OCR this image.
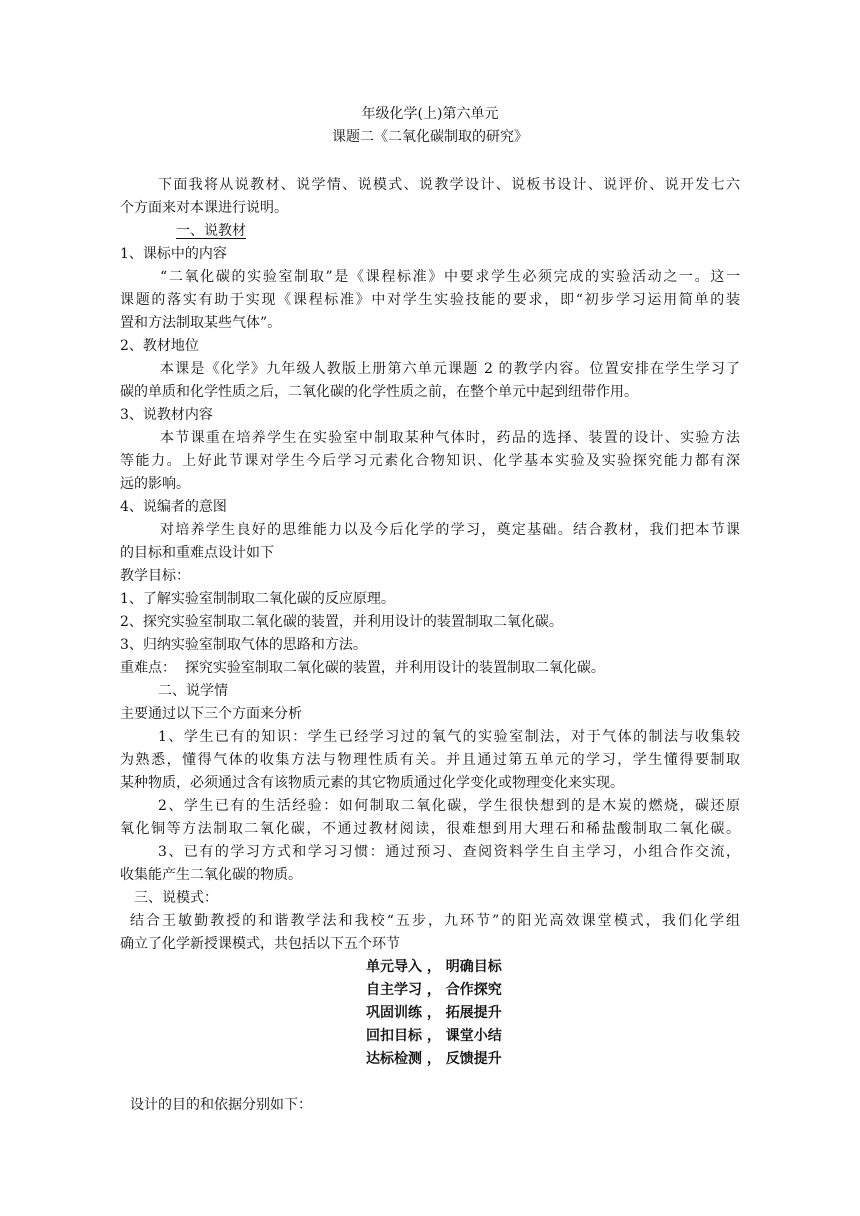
年级化学(上)第六单元
课题二《二氧化碳制取的研究》
下面我将从说教材、说学情、说模式、说教学设计、说板书设计、说评价、说开发七六
个方面来对本课进行说明。
一、说教材
1、课标中的内容
“二氧化碳的实验室制取”是《课程标准》中要求学生必须完成的实验活动之一。这一
课题的落实有助于实现《课程标准》中对学生实验技能的要求，即“初步学习运用简单的装
置和方法制取某些气体”。
2、教材地位
本课是《化学》九年级人教版上册第六单元课题 2 的教学内容。位置安排在学生学习了
碳的单质和化学性质之后，二氧化碳的化学性质之前，在整个单元中起到纽带作用。
3、说教材内容
本节课重在培养学生在实验室中制取某种气体时，药品的选择、装置的设计、实验方法
等能力。上好此节课对学生今后学习元素化合物知识、化学基本实验及实验探究能力都有深
远的影响。
4、说编者的意图
对培养学生良好的思维能力以及今后化学的学习，奠定基础。结合教材，我们把本节课
的目标和重难点设计如下
教学目标：
1、了解实验室制制取二氧化碳的反应原理。
2、探究实验室制取二氧化碳的装置，并利用设计的装置制取二氧化碳。
3、归纳实验室制取气体的思路和方法。
重难点：  探究实验室制取二氧化碳的装置，并利用设计的装置制取二氧化碳。
二、说学情
主要通过以下三个方面来分析
1、学生已有的知识：学生已经学习过的氧气的实验室制法，对于气体的制法与收集较
为熟悉，懂得气体的收集方法与物理性质有关。并且通过第五单元的学习，学生懂得要制取
某种物质，必须通过含有该物质元素的其它物质通过化学变化或物理变化来实现。
2、学生已有的生活经验：如何制取二氧化碳，学生很快想到的是木炭的燃烧，碳还原
氧化铜等方法制取二氧化碳，不通过教材阅读，很难想到用大理石和稀盐酸制取二氧化碳。
3、已有的学习方式和学习习惯：通过预习、查阅资料学生自主学习，小组合作交流，
收集能产生二氧化碳的物质。
三、说模式：
结合王敏勤教授的和谐教学法和我校“五步，九环节”的阳光高效课堂模式，我们化学组
确立了化学新授课模式，共包括以下五个环节
单元导入 ， 明确目标
自主学习 ， 合作探究
巩固训练 ， 拓展提升
回扣目标 ， 课堂小结
达标检测 ， 反馈提升
设计的目的和依据分别如下：
